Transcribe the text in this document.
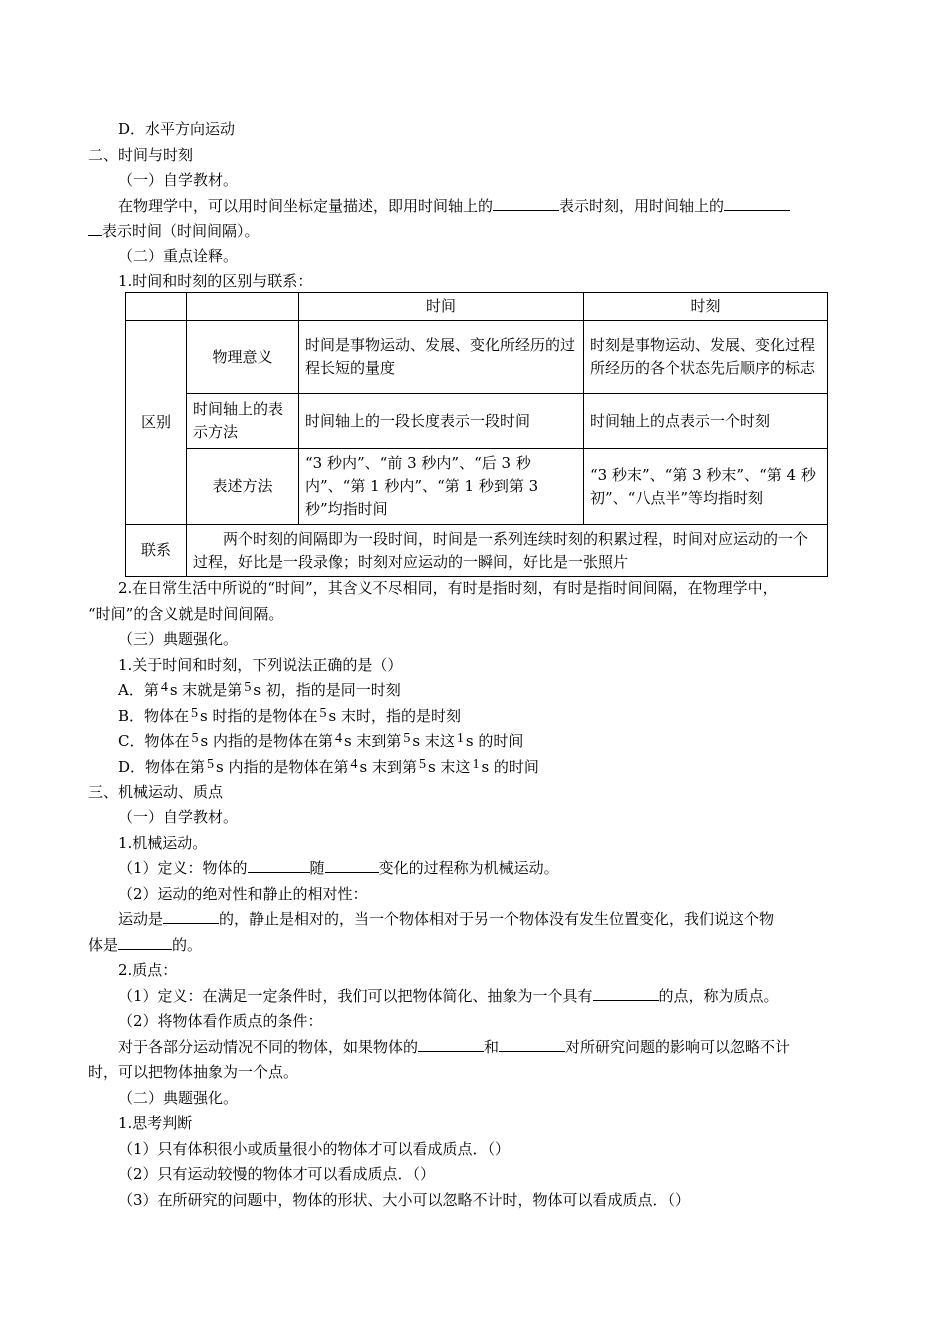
D．水平方向运动
二、时间与时刻
（一）自学教材。
在物理学中，可以用时间坐标定量描述，即用时间轴上的	表示时刻，用时间轴上的
表示时间（时间间隔）。
（二）重点诠释。
1.时间和时刻的区别与联系：
		时间	时刻
区别	物理意义	时间是事物运动、发展、变化所经历的过程长短的量度	时刻是事物运动、发展、变化过程所经历的各个状态先后顺序的标志
	时间轴上的表示方法	时间轴上的一段长度表示一段时间	时间轴上的点表示一个时刻
	表述方法	“3 秒内”、“前 3 秒内”、“后 3 秒内”、“第 1 秒内”、“第 1 秒到第 3 秒”均指时间	“3 秒末”、“第 3 秒末”、“第 4 秒初”、“八点半”等均指时刻
联系	两个时刻的间隔即为一段时间，时间是一系列连续时刻的积累过程，时间对应运动的一个过程，好比是一段录像；时刻对应运动的一瞬间，好比是一张照片		
2.在日常生活中所说的“时间”，其含义不尽相同，有时是指时刻，有时是指时间间隔，在物理学中，
“时间”的含义就是时间间隔。
（三）典题强化。
1.关于时间和时刻，下列说法正确的是（）
A．第 4 s 末就是第 5 s 初，指的是同一时刻
B．物体在 5 s 时指的是物体在 5 s 末时，指的是时刻
C．物体在 5 s 内指的是物体在第 4 s 末到第 5 s 末这 1 s 的时间
D．物体在第 5 s 内指的是物体在第 4 s 末到第 5 s 末这 1 s 的时间
三、机械运动、质点
（一）自学教材。
1.机械运动。
（1）定义：物体的	随	变化的过程称为机械运动。
（2）运动的绝对性和静止的相对性：
运动是	的，静止是相对的，当一个物体相对于另一个物体没有发生位置变化，我们说这个物
体是	的。
2.质点：
（1）定义：在满足一定条件时，我们可以把物体简化、抽象为一个具有	的点，称为质点。
（2）将物体看作质点的条件：
对于各部分运动情况不同的物体，如果物体的	和	对所研究问题的影响可以忽略不计
时，可以把物体抽象为一个点。
（二）典题强化。
1.思考判断
（1）只有体积很小或质量很小的物体才可以看成质点．（）
（2）只有运动较慢的物体才可以看成质点．（）
（3）在所研究的问题中，物体的形状、大小可以忽略不计时，物体可以看成质点．（）
